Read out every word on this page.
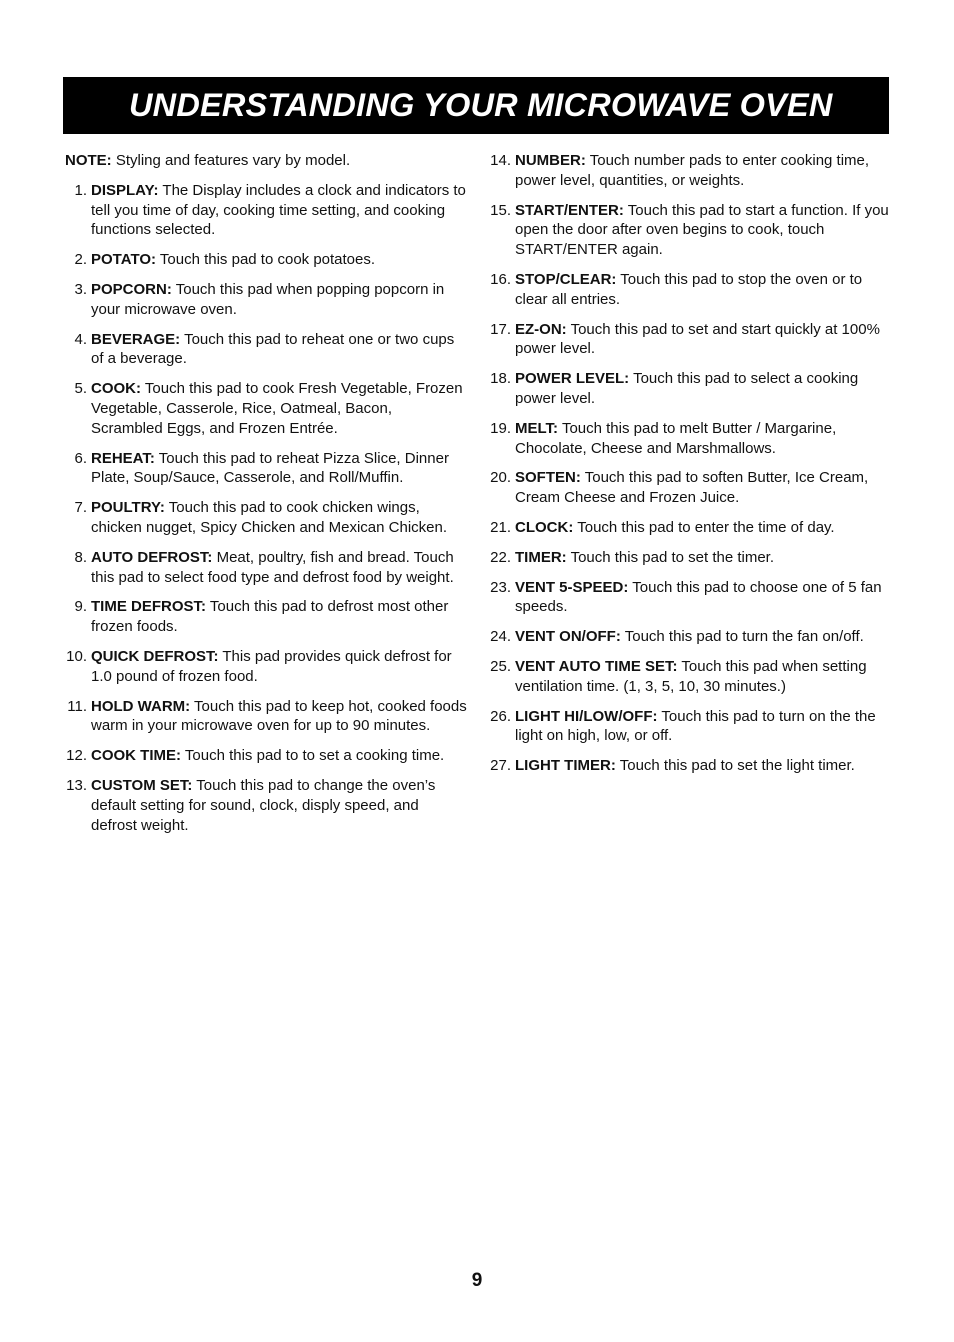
UNDERSTANDING YOUR MICROWAVE OVEN

NOTE: Styling and features vary by model.

1. DISPLAY: The Display includes a clock and indicators to tell you time of day, cooking time setting, and cooking functions selected.
2. POTATO: Touch this pad to cook potatoes.
3. POPCORN: Touch this pad when popping popcorn in your microwave oven.
4. BEVERAGE: Touch this pad to reheat one or two cups of a beverage.
5. COOK: Touch this pad to cook Fresh Vegetable, Frozen Vegetable, Casserole, Rice, Oatmeal, Bacon, Scrambled Eggs, and Frozen Entrée.
6. REHEAT: Touch this pad to reheat Pizza Slice, Dinner Plate, Soup/Sauce, Casserole, and Roll/Muffin.
7. POULTRY: Touch this pad to cook chicken wings, chicken nugget, Spicy Chicken and Mexican Chicken.
8. AUTO DEFROST: Meat, poultry, fish and bread. Touch this pad to select food type and defrost food by weight.
9. TIME DEFROST: Touch this pad to defrost most other frozen foods.
10. QUICK DEFROST: This pad provides quick defrost for 1.0 pound of frozen food.
11. HOLD WARM: Touch this pad to keep hot, cooked foods warm in your microwave oven for up to 90 minutes.
12. COOK TIME: Touch this pad to to set a cooking time.
13. CUSTOM SET: Touch this pad to change the oven’s default setting for sound, clock, disply speed, and defrost weight.
14. NUMBER: Touch number pads to enter cooking time, power level, quantities, or weights.
15. START/ENTER: Touch this pad to start a function. If you open the door after oven begins to cook, touch START/ENTER again.
16. STOP/CLEAR: Touch this pad to stop the oven or to clear all entries.
17. EZ-ON: Touch this pad to set and start quickly at 100% power level.
18. POWER LEVEL: Touch this pad to select a cooking power level.
19. MELT: Touch this pad to melt Butter / Margarine, Chocolate, Cheese and Marshmallows.
20. SOFTEN: Touch this pad to soften Butter, Ice Cream, Cream Cheese and Frozen Juice.
21. CLOCK: Touch this pad to enter the time of day.
22. TIMER: Touch this pad to set the timer.
23. VENT 5-SPEED: Touch this pad to choose one of 5 fan speeds.
24. VENT ON/OFF: Touch this pad to turn the fan on/off.
25. VENT AUTO TIME SET: Touch this pad when setting ventilation time. (1, 3, 5, 10, 30 minutes.)
26. LIGHT HI/LOW/OFF: Touch this pad to turn on the the light on high, low, or off.
27. LIGHT TIMER: Touch this pad to set the light timer.
9
